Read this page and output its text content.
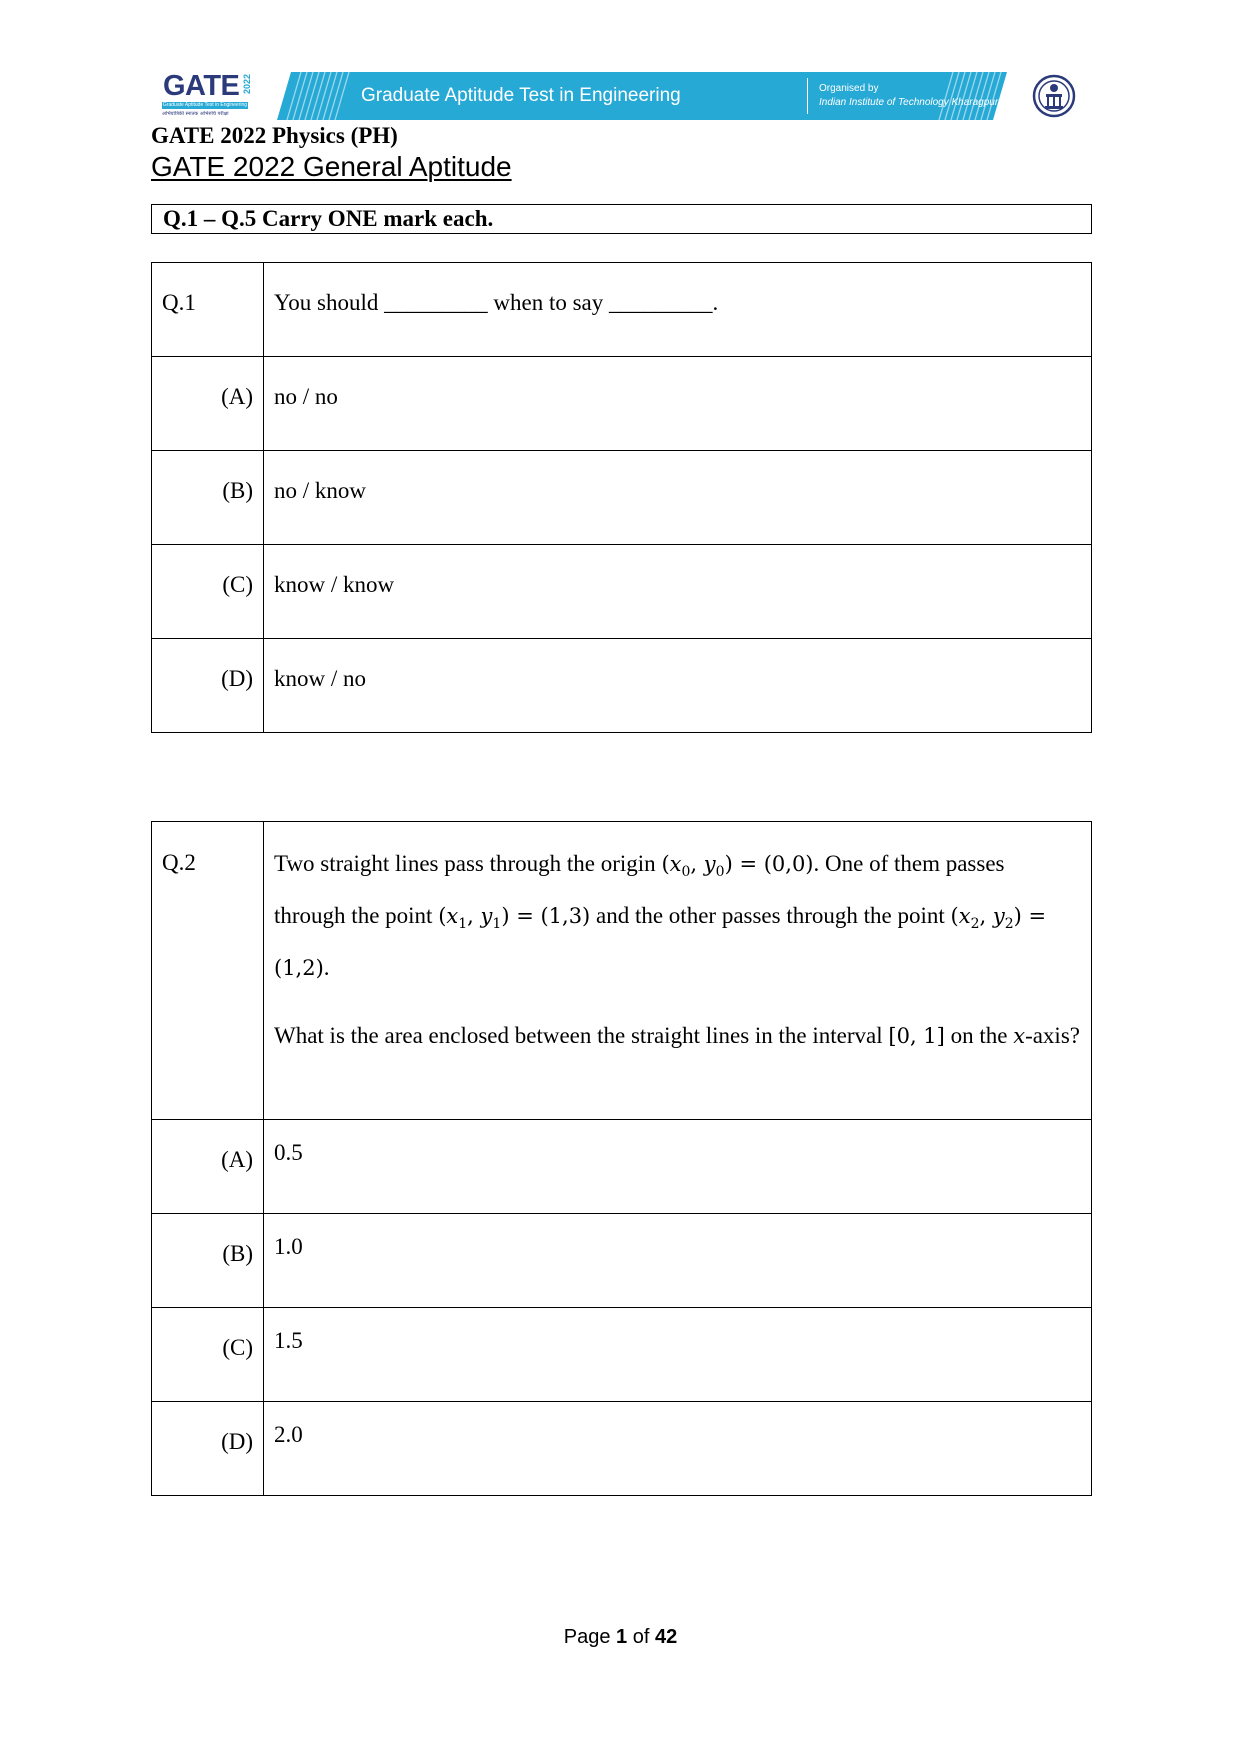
GATE 2022
Graduate Aptitude Test in Engineering
अभियांत्रिकी स्नातक अभिरुचि परीक्षा
Graduate Aptitude Test in Engineering	Organised by
Indian Institute of Technology Kharagpur
GATE 2022 Physics (PH)
GATE 2022 General Aptitude
Q.1 – Q.5 Carry ONE mark each.
Q.1	You should _________ when to say _________.

(A)	no / no

(B)	no / know

(C)	know / know

(D)	know / no
Q.2	Two straight lines pass through the origin ($x_0$, $y_0) = (0,0)$. One of them passes through the point ($x_1$, $y_1) = (1,3)$ and the other passes through the point ($x_2$, $y_2) = (1,2)$.
What is the area enclosed between the straight lines in the interval [0, 1] on the x-axis?

(A)	0.5

(B)	1.0

(C)	1.5

(D)	2.0
Page 1 of 42
